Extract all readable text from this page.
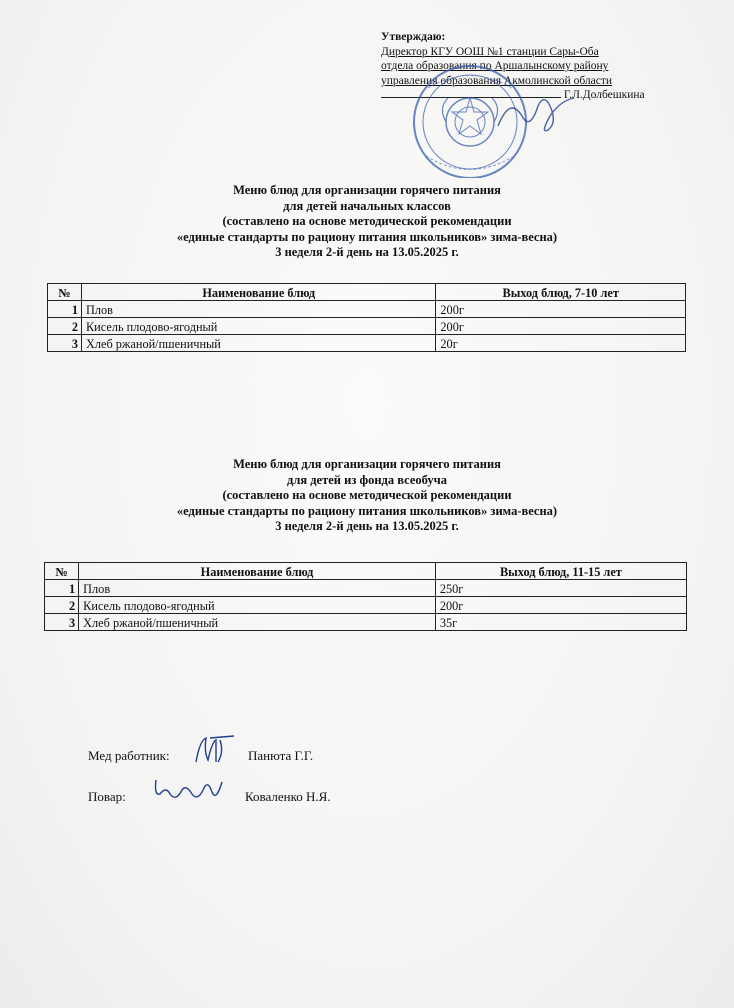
Утверждаю:
Директор КГУ ООШ №1 станции Сары-Оба
отдела образования по Аршалынскому району
управления образования Акмолинской области
Г.Л.Долбешкина
Меню блюд для организации горячего питания
для детей начальных классов
(составлено на основе методической рекомендации
«единые стандарты по рациону питания школьников» зима-весна)
3 неделя 2-й день на 13.05.2025 г.
№	Наименование блюд	Выход блюд, 7-10 лет
1	Плов	200г
2	Кисель плодово-ягодный	200г
3	Хлеб ржаной/пшеничный	20г
Меню блюд для организации горячего питания
для детей из фонда всеобуча
(составлено на основе методической рекомендации
«единые стандарты по рациону питания школьников» зима-весна)
3 неделя 2-й день на 13.05.2025 г.
№	Наименование блюд	Выход блюд, 11-15 лет
1	Плов	250г
2	Кисель плодово-ягодный	200г
3	Хлеб ржаной/пшеничный	35г
Мед работник:	Панюта Г.Г.
Повар:	Коваленко Н.Я.
